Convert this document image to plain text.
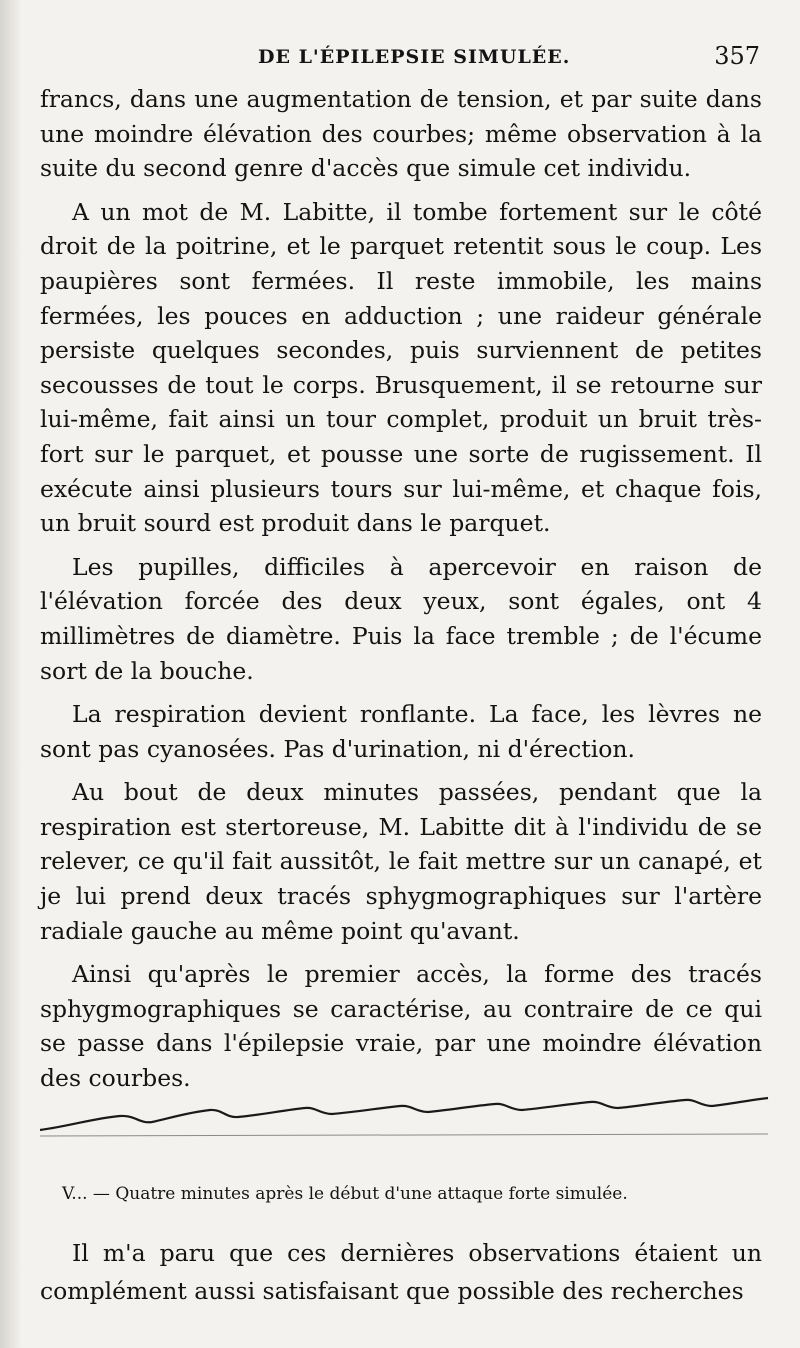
DE L'ÉPILEPSIE SIMULÉE.	357

francs, dans une augmentation de tension, et par suite dans une moindre élévation des courbes; même observation à la suite du second genre d'accès que simule cet individu.

A un mot de M. Labitte, il tombe fortement sur le côté droit de la poitrine, et le parquet retentit sous le coup. Les paupières sont fermées. Il reste immobile, les mains fermées, les pouces en adduction ; une raideur générale persiste quelques secondes, puis surviennent de petites secousses de tout le corps. Brusquement, il se retourne sur lui-même, fait ainsi un tour complet, produit un bruit très-fort sur le parquet, et pousse une sorte de rugissement. Il exécute ainsi plusieurs tours sur lui-même, et chaque fois, un bruit sourd est produit dans le parquet.

Les pupilles, difficiles à apercevoir en raison de l'élévation forcée des deux yeux, sont égales, ont 4 millimètres de diamètre. Puis la face tremble ; de l'écume sort de la bouche.

La respiration devient ronflante. La face, les lèvres ne sont pas cyanosées. Pas d'urination, ni d'érection.

Au bout de deux minutes passées, pendant que la respiration est stertoreuse, M. Labitte dit à l'individu de se relever, ce qu'il fait aussitôt, le fait mettre sur un canapé, et je lui prend deux tracés sphygmographiques sur l'artère radiale gauche au même point qu'avant.

Ainsi qu'après le premier accès, la forme des tracés sphygmographiques se caractérise, au contraire de ce qui se passe dans l'épilepsie vraie, par une moindre élévation des courbes.

V... — Quatre minutes après le début d'une attaque forte simulée.

Il m'a paru que ces dernières observations étaient un complément aussi satisfaisant que possible des recherches
